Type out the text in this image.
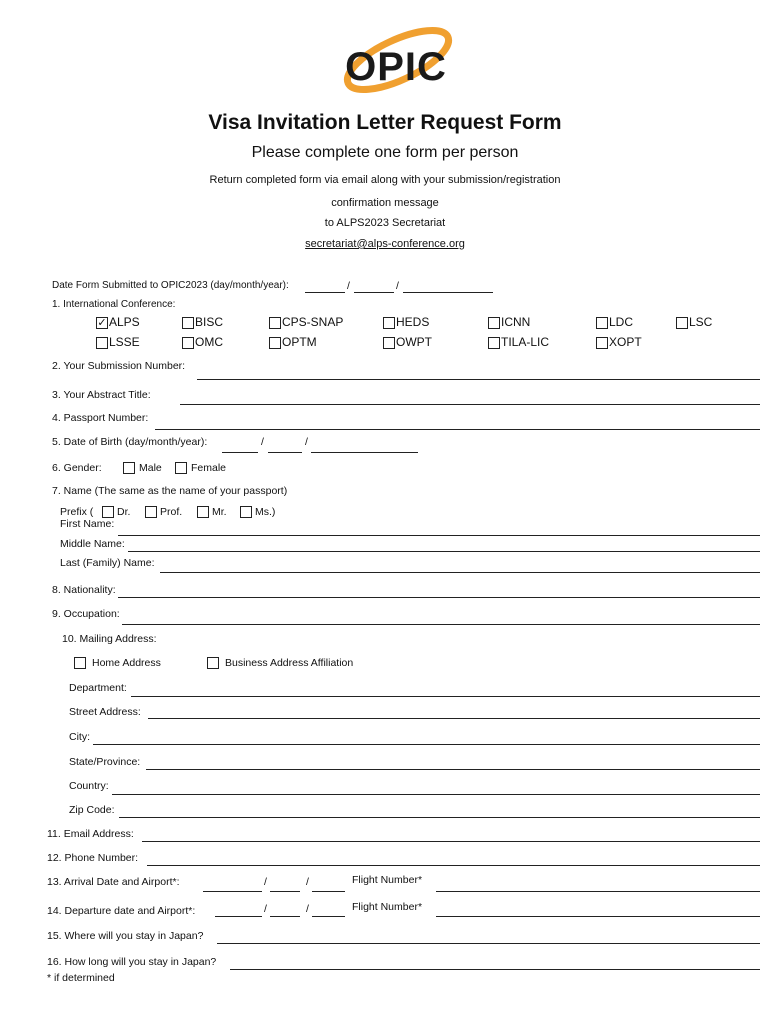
OPIC
Visa Invitation Letter Request Form
Please complete one form per person
Return completed form via email along with your submission/registration
confirmation message
to ALPS2023 Secretariat
secretariat@alps-conference.org
Date Form Submitted to OPIC2023 (day/month/year):	/	/
1. International Conference:
✓ ALPS	BISC	CPS-SNAP	HEDS	ICNN	LDC	LSC
LSSE	OMC	OPTM	OWPT	TILA-LIC	XOPT
2. Your Submission Number:
3. Your Abstract Title:
4. Passport Number:
5. Date of Birth (day/month/year):	/	/
6. Gender:	Male	Female
7. Name (The same as the name of your passport)
Prefix ( Dr.	Prof.	Mr.	Ms.)
First Name:
Middle Name:
Last (Family) Name:
8. Nationality:
9. Occupation:
10. Mailing Address:
Home Address	Business Address Affiliation
Department:
Street Address:
City:
State/Province:
Country:
Zip Code:
11. Email Address:
12. Phone Number:
13. Arrival Date and Airport*:	/	/	Flight Number*
14. Departure date and Airport*:	/	/	Flight Number*
15. Where will you stay in Japan?
16. How long will you stay in Japan?
* if determined
